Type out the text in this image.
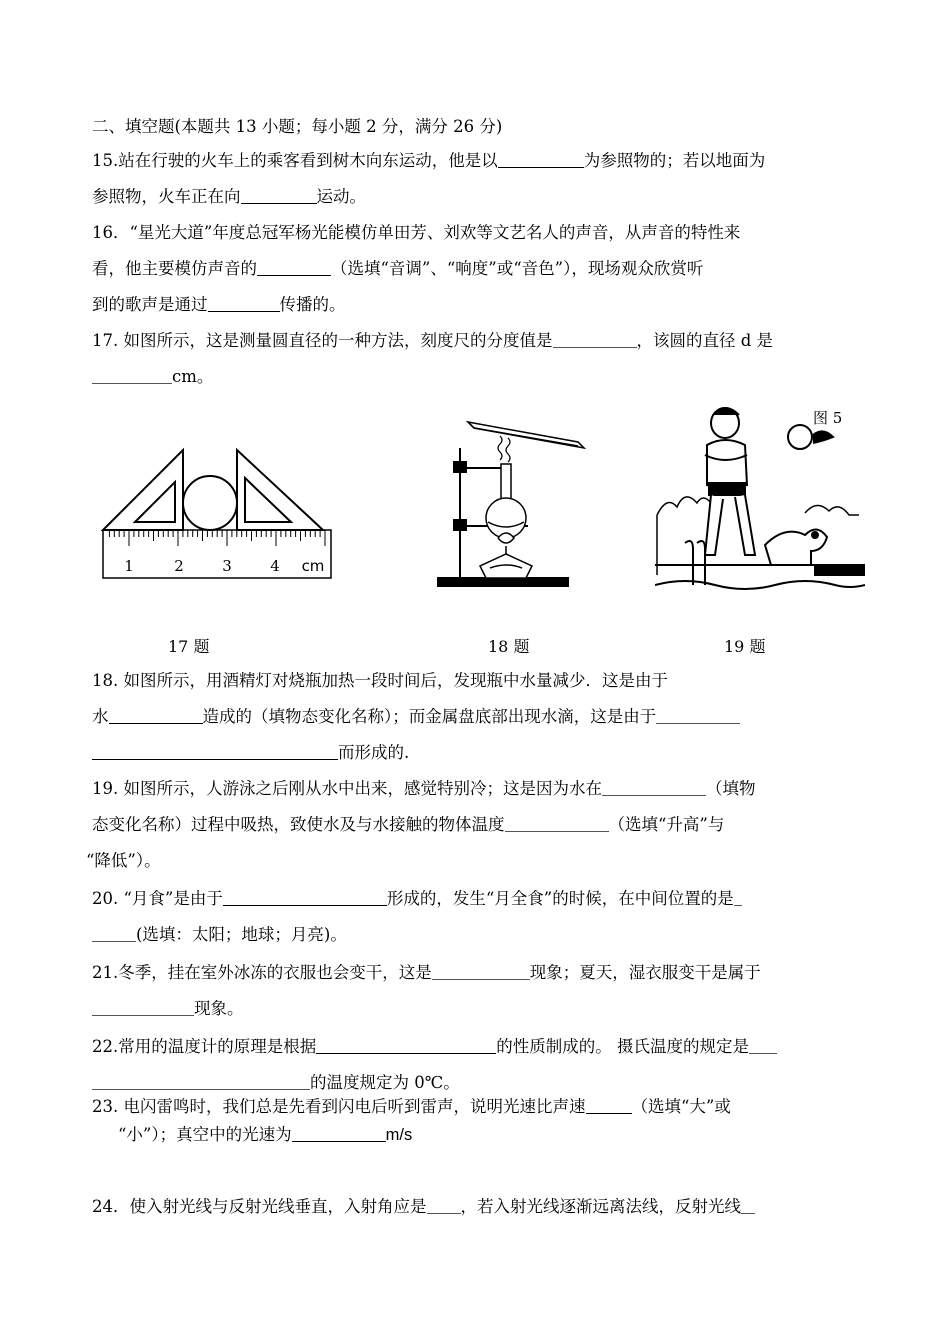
二、填空题(本题共 13 小题；每小题 2 分，满分 26 分)
15.站在行驶的火车上的乘客看到树木向东运动，他是以	为参照物的；若以地面为
参照物，火车正在向	运动。
16．“星光大道”年度总冠军杨光能模仿单田芳、刘欢等文艺名人的声音，从声音的特性来
看，他主要模仿声音的	（选填“音调”、“响度”或“音色”），现场观众欣赏听
到的歌声是通过	传播的。
17. 如图所示，这是测量圆直径的一种方法，刻度尺的分度值是	，该圆的直径 d 是
cm。
1	2	3	4 cm
图 5
17 题	18 题	19 题
18. 如图所示，用酒精灯对烧瓶加热一段时间后，发现瓶中水量减少．这是由于
水	造成的（填物态变化名称）；而金属盘底部出现水滴，这是由于
而形成的.
19. 如图所示，人游泳之后刚从水中出来，感觉特别冷；这是因为水在	（填物
态变化名称）过程中吸热，致使水及与水接触的物体温度	（选填“升高”与
“降低”）。
20. “月食”是由于	形成的，发生“月全食”的时候，在中间位置的是
(选填：太阳；地球；月亮)。
21.冬季，挂在室外冰冻的衣服也会变干，这是	现象；夏天，湿衣服变干是属于
现象。
22.常用的温度计的原理是根据	的性质制成的。 摄氏温度的规定是
的温度规定为 0℃。
23. 电闪雷鸣时，我们总是先看到闪电后听到雷声，说明光速比声速	（选填“大”或
“小”）；真空中的光速为	m/s
24．使入射光线与反射光线垂直，入射角应是 ，若入射光线逐渐远离法线，反射光线
